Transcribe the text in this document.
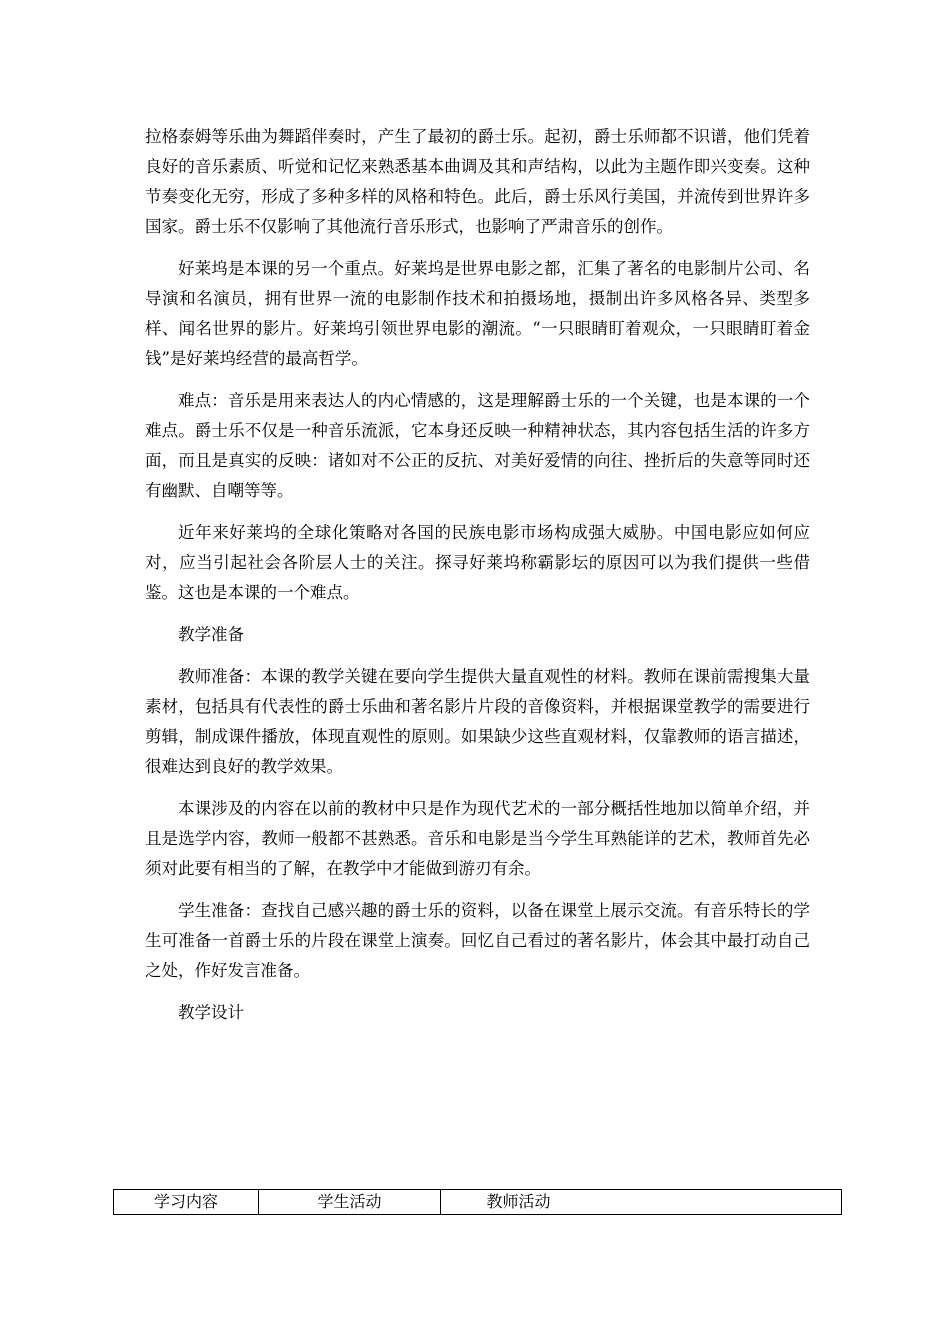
拉格泰姆等乐曲为舞蹈伴奏时，产生了最初的爵士乐。起初，爵士乐师都不识谱，他们凭着良好的音乐素质、听觉和记忆来熟悉基本曲调及其和声结构，以此为主题作即兴变奏。这种节奏变化无穷，形成了多种多样的风格和特色。此后，爵士乐风行美国，并流传到世界许多国家。爵士乐不仅影响了其他流行音乐形式，也影响了严肃音乐的创作。

好莱坞是本课的另一个重点。好莱坞是世界电影之都，汇集了著名的电影制片公司、名导演和名演员，拥有世界一流的电影制作技术和拍摄场地，摄制出许多风格各异、类型多样、闻名世界的影片。好莱坞引领世界电影的潮流。“一只眼睛盯着观众，一只眼睛盯着金钱”是好莱坞经营的最高哲学。

难点：音乐是用来表达人的内心情感的，这是理解爵士乐的一个关键，也是本课的一个难点。爵士乐不仅是一种音乐流派，它本身还反映一种精神状态，其内容包括生活的许多方面，而且是真实的反映：诸如对不公正的反抗、对美好爱情的向往、挫折后的失意等同时还有幽默、自嘲等等。

近年来好莱坞的全球化策略对各国的民族电影市场构成强大威胁。中国电影应如何应对，应当引起社会各阶层人士的关注。探寻好莱坞称霸影坛的原因可以为我们提供一些借鉴。这也是本课的一个难点。

教学准备

教师准备：本课的教学关键在要向学生提供大量直观性的材料。教师在课前需搜集大量素材，包括具有代表性的爵士乐曲和著名影片片段的音像资料，并根据课堂教学的需要进行剪辑，制成课件播放，体现直观性的原则。如果缺少这些直观材料，仅靠教师的语言描述，很难达到良好的教学效果。

本课涉及的内容在以前的教材中只是作为现代艺术的一部分概括性地加以简单介绍，并且是选学内容，教师一般都不甚熟悉。音乐和电影是当今学生耳熟能详的艺术，教师首先必须对此要有相当的了解，在教学中才能做到游刃有余。

学生准备：查找自己感兴趣的爵士乐的资料，以备在课堂上展示交流。有音乐特长的学生可准备一首爵士乐的片段在课堂上演奏。回忆自己看过的著名影片，体会其中最打动自己之处，作好发言准备。

教学设计

学习内容	学生活动	教师活动
